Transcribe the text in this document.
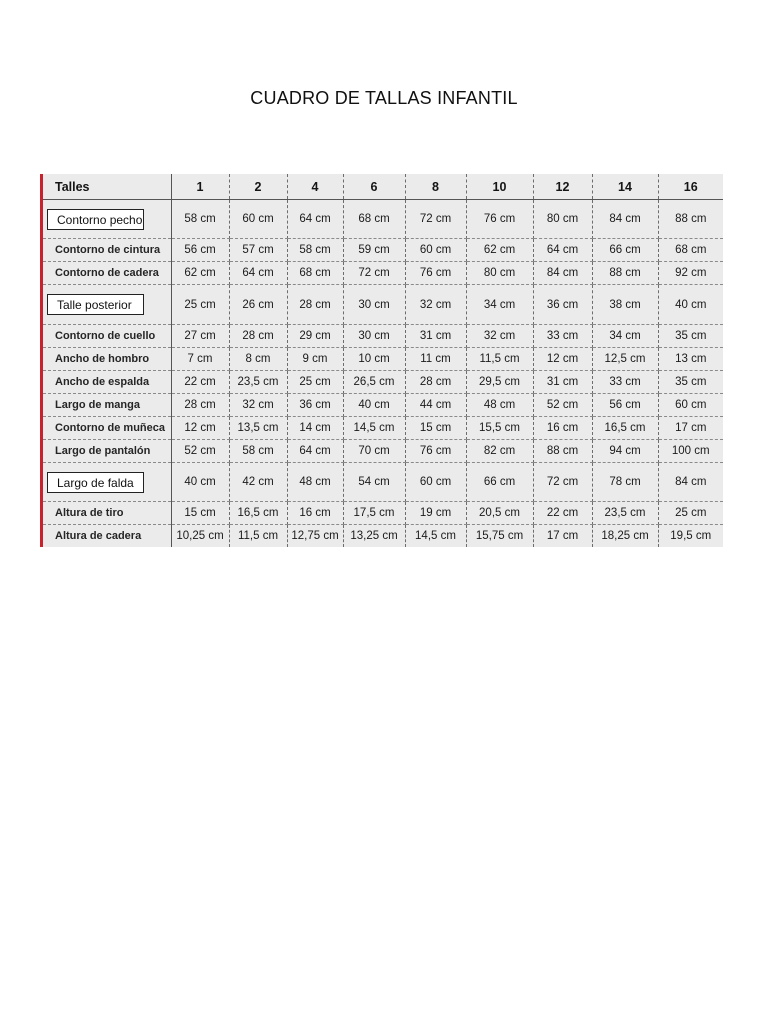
CUADRO DE TALLAS INFANTIL
Talles	1	2	4	6	8	10	12	14	16
Contorno pecho	58 cm	60 cm	64 cm	68 cm	72 cm	76 cm	80 cm	84 cm	88 cm
Contorno de cintura	56 cm	57 cm	58 cm	59 cm	60 cm	62 cm	64 cm	66 cm	68 cm
Contorno de cadera	62 cm	64 cm	68 cm	72 cm	76 cm	80 cm	84 cm	88 cm	92 cm
Talle posterior	25 cm	26 cm	28 cm	30 cm	32 cm	34 cm	36 cm	38 cm	40 cm
Contorno de cuello	27 cm	28 cm	29 cm	30 cm	31 cm	32 cm	33 cm	34 cm	35 cm
Ancho de hombro	7 cm	8 cm	9 cm	10 cm	11 cm	11,5 cm	12 cm	12,5 cm	13 cm
Ancho de espalda	22 cm	23,5 cm	25 cm	26,5 cm	28 cm	29,5 cm	31 cm	33 cm	35 cm
Largo de manga	28 cm	32 cm	36 cm	40 cm	44 cm	48 cm	52 cm	56 cm	60 cm
Contorno de muñeca	12 cm	13,5 cm	14 cm	14,5 cm	15 cm	15,5 cm	16 cm	16,5 cm	17 cm
Largo de pantalón	52 cm	58 cm	64 cm	70 cm	76 cm	82 cm	88 cm	94 cm	100 cm
Largo de falda	40 cm	42 cm	48 cm	54 cm	60 cm	66 cm	72 cm	78 cm	84 cm
Altura de tiro	15 cm	16,5 cm	16 cm	17,5 cm	19 cm	20,5 cm	22 cm	23,5 cm	25 cm
Altura de cadera	10,25 cm	11,5 cm	12,75 cm	13,25 cm	14,5 cm	15,75 cm	17 cm	18,25 cm	19,5 cm
